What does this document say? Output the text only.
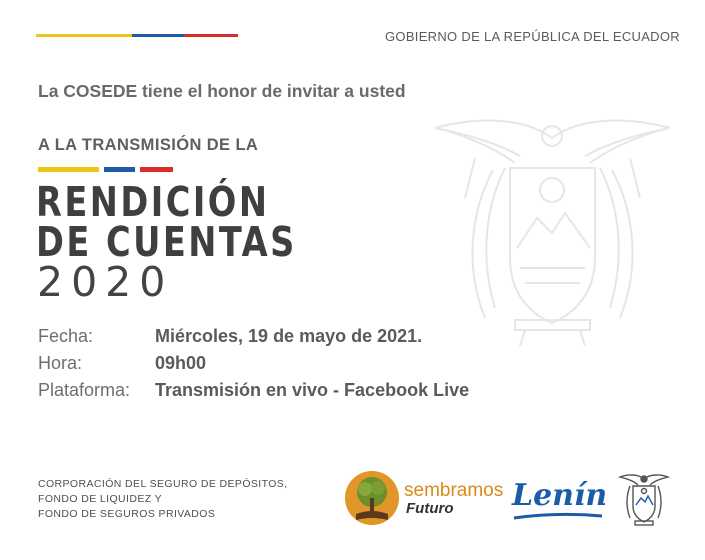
GOBIERNO DE LA REPÚBLICA DEL ECUADOR
La COSEDE tiene el honor de invitar a usted
A LA TRANSMISIÓN DE LA
RENDICIÓN
DE CUENTAS
2020
Fecha:	Miércoles, 19 de mayo de 2021.
Hora:	09h00
Plataforma: Transmisión en vivo - Facebook Live
CORPORACIÓN DEL SEGURO DE DEPÓSITOS,
FONDO DE LIQUIDEZ Y
FONDO DE SEGUROS PRIVADOS
sembramos
Futuro Lenín
